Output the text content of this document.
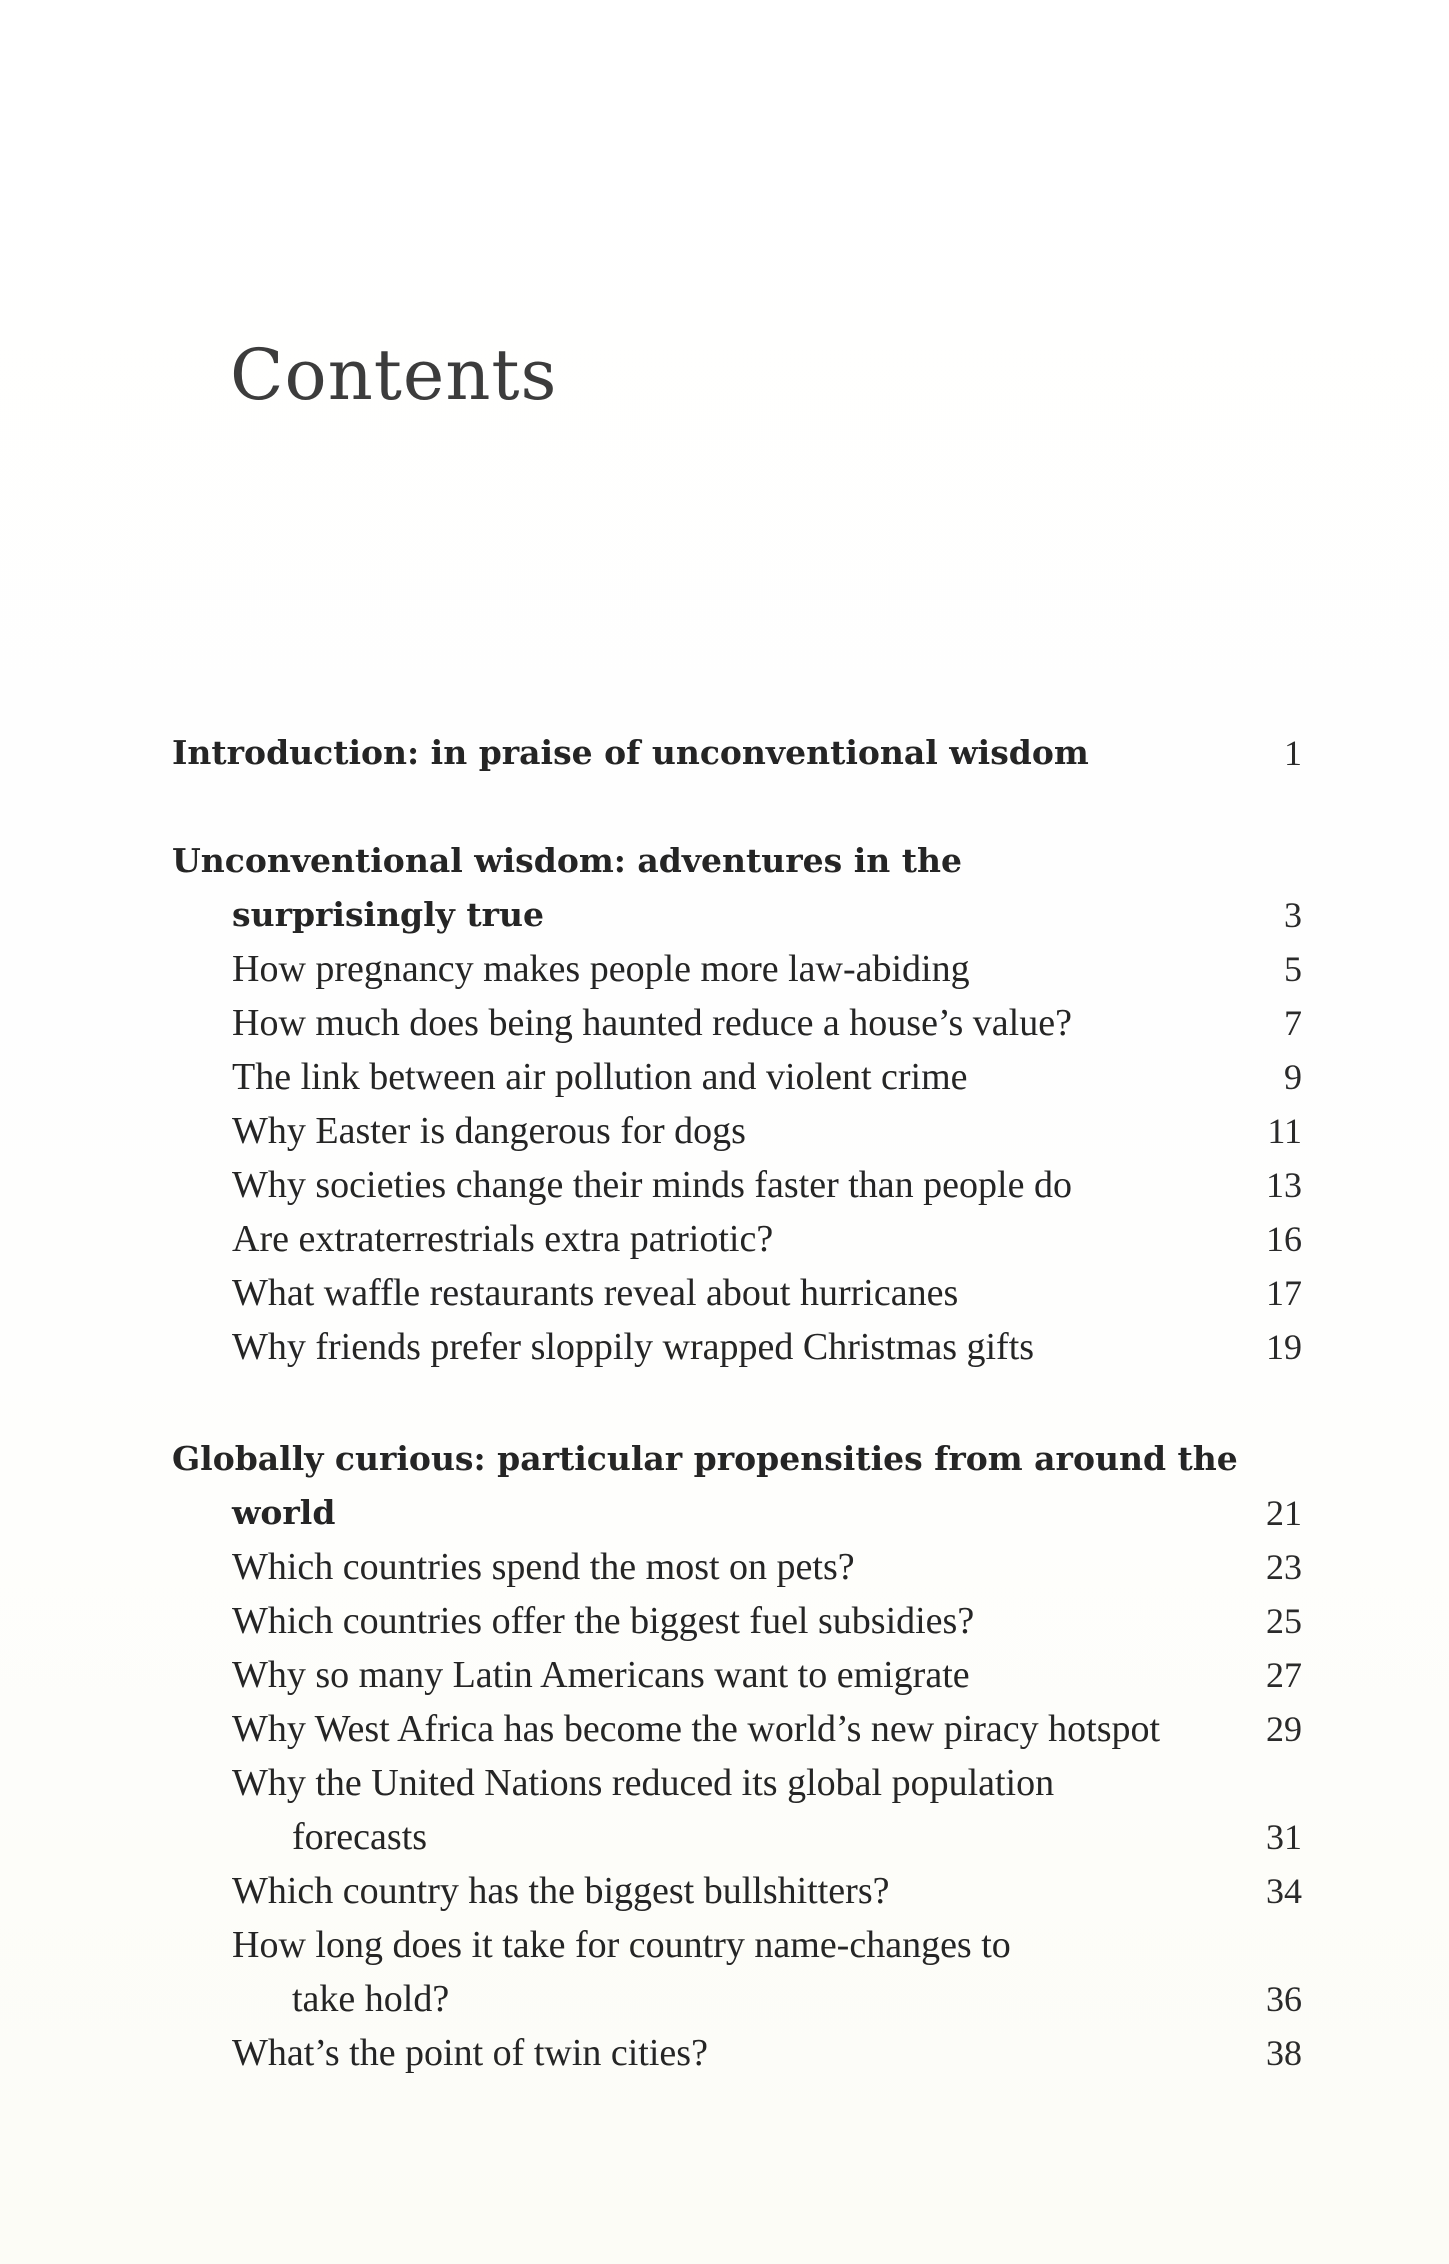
Contents
Introduction: in praise of unconventional wisdom	1
Unconventional wisdom: adventures in the
surprisingly true	3
How pregnancy makes people more law-abiding	5
How much does being haunted reduce a house’s value?	7
The link between air pollution and violent crime	9
Why Easter is dangerous for dogs	11
Why societies change their minds faster than people do	13
Are extraterrestrials extra patriotic?	16
What waffle restaurants reveal about hurricanes	17
Why friends prefer sloppily wrapped Christmas gifts	19
Globally curious: particular propensities from around the
world	21
Which countries spend the most on pets?	23
Which countries offer the biggest fuel subsidies?	25
Why so many Latin Americans want to emigrate	27
Why West Africa has become the world’s new piracy hotspot	29
Why the United Nations reduced its global population
forecasts	31
Which country has the biggest bullshitters?	34
How long does it take for country name-changes to
take hold?	36
What’s the point of twin cities?	38
